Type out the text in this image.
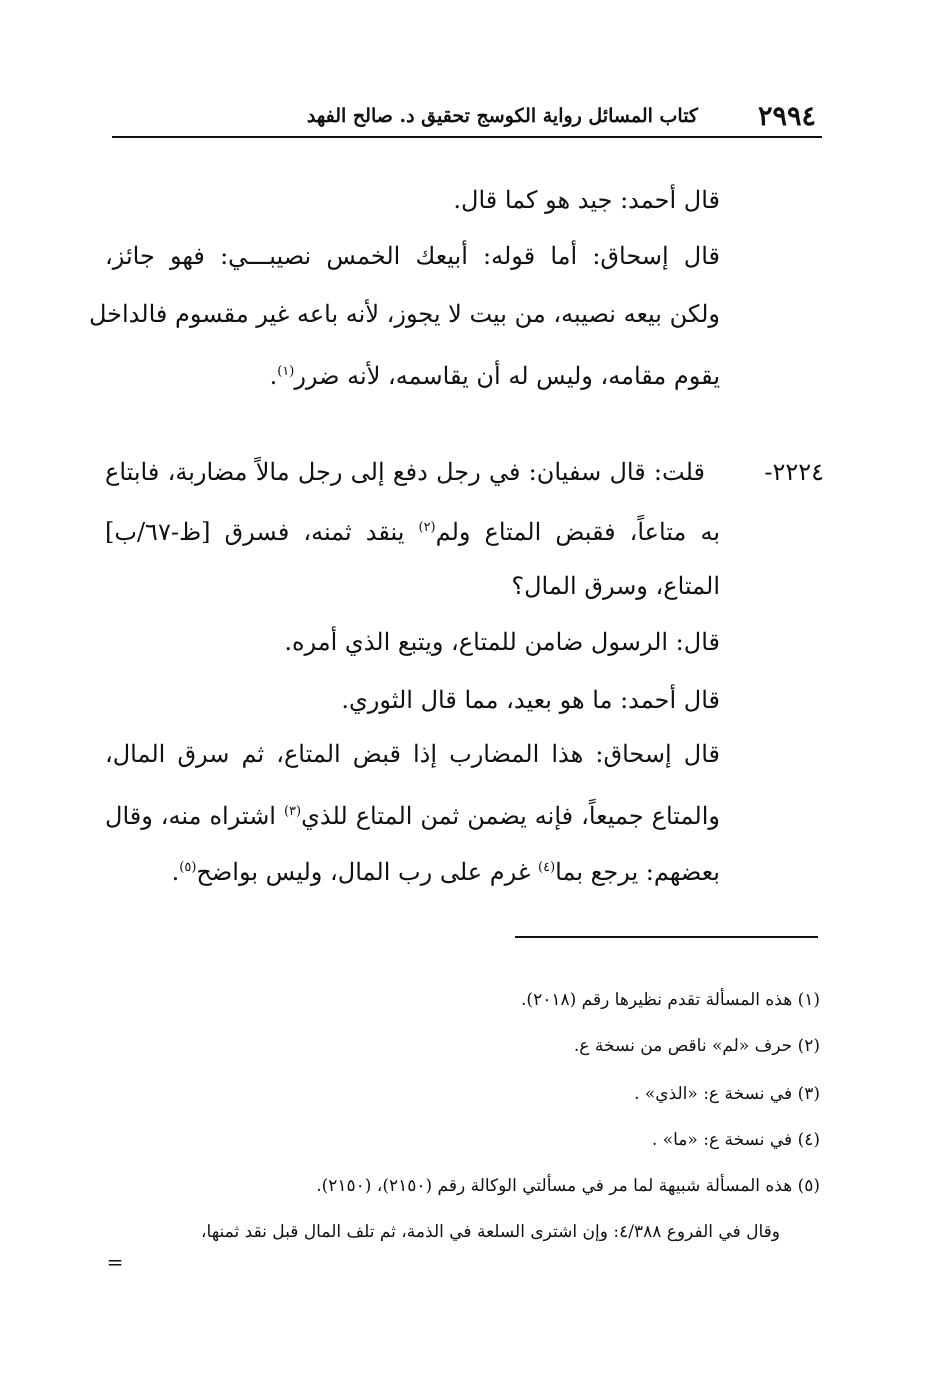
٢٩٩٤
كتاب المسائل رواية الكوسج تحقيق د. صالح الفهد
قال أحمد: جيد هو كما قال.
قال إسحاق: أما قوله: أبيعك الخمس نصيبـــي: فهو جائز،
ولكن بيعه نصيبه، من بيت لا يجوز، لأنه باعه غير مقسوم فالداخل
يقوم مقامه، وليس له أن يقاسمه، لأنه ضرر$^{(١)}$.
٢٢٢٤-
قلت: قال سفيان: في رجل دفع إلى رجل مالاً مضاربة، فابتاع
به متاعاً، فقبض المتاع ولم$^{(٢)}$ ينقد ثمنه، فسرق [ظ-٦٧/ب]
المتاع، وسرق المال؟
قال: الرسول ضامن للمتاع، ويتبع الذي أمره.
قال أحمد: ما هو بعيد، مما قال الثوري.
قال إسحاق: هذا المضارب إذا قبض المتاع، ثم سرق المال،
والمتاع جميعاً، فإنه يضمن ثمن المتاع للذي$^{(٣)}$ اشتراه منه، وقال
بعضهم: يرجع بما$^{(٤)}$ غرم على رب المال، وليس بواضح$^{(٥)}$.
(١) هذه المسألة تقدم نظيرها رقم (٢٠١٨).
(٢) حرف «لم» ناقص من نسخة ع.
(٣) في نسخة ع: «الذي» .
(٤) في نسخة ع: «ما» .
(٥) هذه المسألة شبيهة لما مر في مسألتي الوكالة رقم (٢١٥٠)، (٢١٥٠).
وقال في الفروع ٤/٣٨٨: وإن اشترى السلعة في الذمة، ثم تلف المال قبل نقد ثمنها،
=
